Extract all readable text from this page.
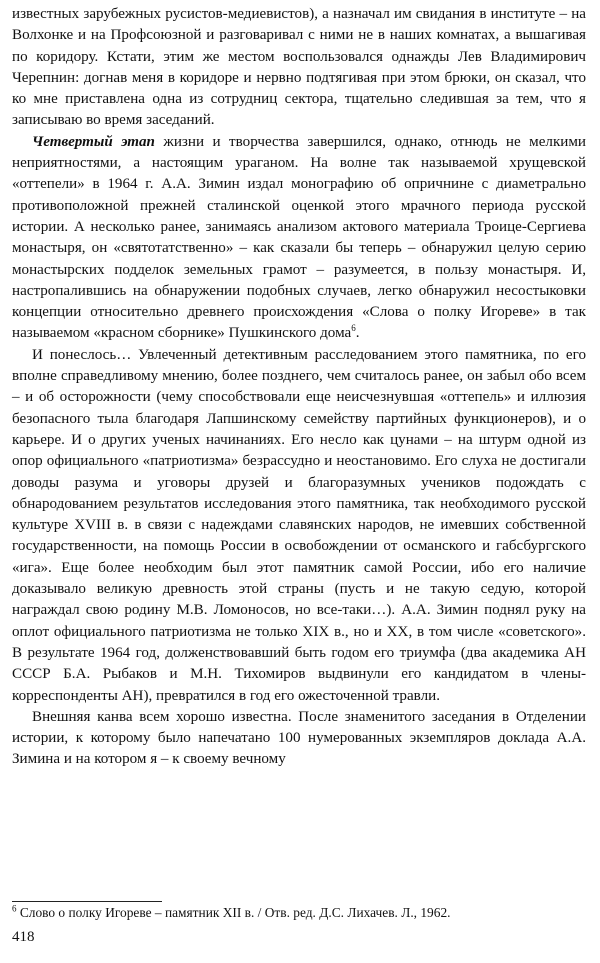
известных зарубежных русистов-медиевистов), а назначал им свидания в институте – на Волхонке и на Профсоюзной и разговаривал с ними не в наших комнатах, а вышагивая по коридору. Кстати, этим же местом воспользовался однажды Лев Владимирович Черепнин: догнав меня в коридоре и нервно подтягивая при этом брюки, он сказал, что ко мне приставлена одна из сотрудниц сектора, тщательно следившая за тем, что я записываю во время заседаний.

Четвертый этап жизни и творчества завершился, однако, отнюдь не мелкими неприятностями, а настоящим ураганом. На волне так называемой хрущевской «оттепели» в 1964 г. А.А. Зимин издал монографию об опричнине с диаметрально противоположной прежней сталинской оценкой этого мрачного периода русской истории. А несколько ранее, занимаясь анализом актового материала Троице-Сергиева монастыря, он «святотатственно» – как сказали бы теперь – обнаружил целую серию монастырских подделок земельных грамот – разумеется, в пользу монастыря. И, настропалившись на обнаружении подобных случаев, легко обнаружил несостыковки концепции относительно древнего происхождения «Слова о полку Игореве» в так называемом «красном сборнике» Пушкинского дома$^6$.

И понеслось… Увлеченный детективным расследованием этого памятника, по его вполне справедливому мнению, более позднего, чем считалось ранее, он забыл обо всем – и об осторожности (чему способствовали еще неисчезнувшая «оттепель» и иллюзия безопасного тыла благодаря Лапшинскому семейству партийных функционеров), и о карьере. И о других ученых начинаниях. Его несло как цунами – на штурм одной из опор официального «патриотизма» безрассудно и неостановимо. Его слуха не достигали доводы разума и уговоры друзей и благоразумных учеников подождать с обнародованием результатов исследования этого памятника, так необходимого русской культуре XVIII в. в связи с надеждами славянских народов, не имевших собственной государственности, на помощь России в освобождении от османского и габсбургского «ига». Еще более необходим был этот памятник самой России, ибо его наличие доказывало великую древность этой страны (пусть и не такую седую, которой награждал свою родину М.В. Ломоносов, но все-таки…). А.А. Зимин поднял руку на оплот официального патриотизма не только XIX в., но и XX, в том числе «советского». В результате 1964 год, долженствовавший быть годом его триумфа (два академика АН СССР Б.А. Рыбаков и М.Н. Тихомиров выдвинули его кандидатом в члены-корреспонденты АН), превратился в год его ожесточенной травли.

Внешняя канва всем хорошо известна. После знаменитого заседания в Отделении истории, к которому было напечатано 100 нумерованных экземпляров доклада А.А. Зимина и на котором я – к своему вечному

$^6$ Слово о полку Игореве – памятник XII в. / Отв. ред. Д.С. Лихачев. Л., 1962.
418
